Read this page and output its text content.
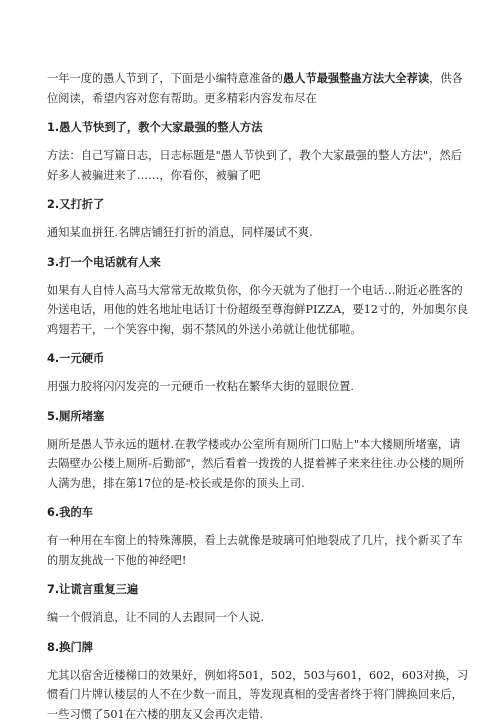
一年一度的愚人节到了，下面是小编特意准备的愚人节最强整蛊方法大全荐读，供各位阅读，希望内容对您有帮助。更多精彩内容发布尽在

1.愚人节快到了，教个大家最强的整人方法

方法：自己写篇日志，日志标题是"愚人节快到了，教个大家最强的整人方法"，然后好多人被骗进来了……，你看你，被骗了吧

2.又打折了

通知某血拼狂.名牌店铺狂打折的消息，同样屡试不爽.

3.打一个电话就有人来

如果有人自恃人高马大常常无故欺负你，你今天就为了他打一个电话…附近必胜客的外送电话，用他的姓名地址电话订十份超级至尊海鲜PIZZA，要12寸的，外加奥尔良鸡翅若干，一个笑容中掬，弱不禁风的外送小弟就让他忧郁啦。

4.一元硬币

用强力胶将闪闪发亮的一元硬币一枚粘在繁华大街的显眼位置.

5.厕所堵塞

厕所是愚人节永远的题材.在教学楼或办公室所有厕所门口贴上"本大楼厕所堵塞，请去隔壁办公楼上厕所-后勤部"，然后看着一拨拨的人提着裤子来来往往.办公楼的厕所人满为患，排在第17位的是-校长或是你的顶头上司.

6.我的车

有一种用在车窗上的特殊薄膜，看上去就像是玻璃可怕地裂成了几片，找个新买了车的朋友挑战一下他的神经吧!

7.让谎言重复三遍

编一个假消息，让不同的人去跟同一个人说.

8.换门牌

尤其以宿舍近楼梯口的效果好，例如将501，502，503与601，602，603对换，习惯看门片牌认楼层的人不在少数一而且，等发现真相的受害者终于将门牌换回来后，一些习惯了501在六楼的朋友又会再次走错.
